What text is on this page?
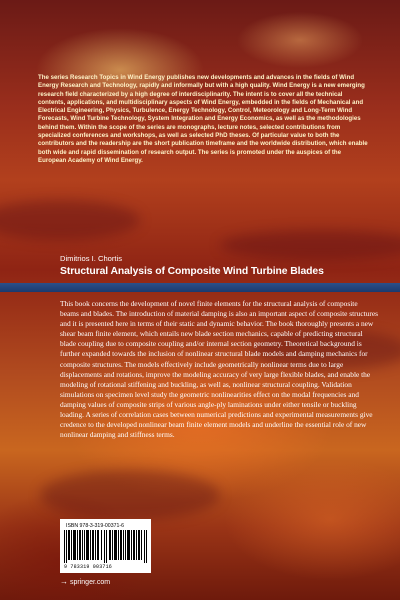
The series Research Topics in Wind Energy publishes new developments and advances in the fields of Wind Energy Research and Technology, rapidly and informally but with a high quality. Wind Energy is a new emerging research field characterized by a high degree of interdisciplinarity. The intent is to cover all the technical contents, applications, and multidisciplinary aspects of Wind Energy, embedded in the fields of Mechanical and Electrical Engineering, Physics, Turbulence, Energy Technology, Control, Meteorology and Long-Term Wind Forecasts, Wind Turbine Technology, System Integration and Energy Economics, as well as the methodologies behind them. Within the scope of the series are monographs, lecture notes, selected contributions from specialized conferences and workshops, as well as selected PhD theses. Of particular value to both the contributors and the readership are the short publication timeframe and the worldwide distribution, which enable both wide and rapid dissemination of research output. The series is promoted under the auspices of the European Academy of Wind Energy.
Dimitrios I. Chortis
Structural Analysis of Composite Wind Turbine Blades
This book concerns the development of novel finite elements for the structural analysis of composite beams and blades. The introduction of material damping is also an important aspect of composite structures and it is presented here in terms of their static and dynamic behavior. The book thoroughly presents a new shear beam finite element, which entails new blade section mechanics, capable of predicting structural blade coupling due to composite coupling and/or internal section geometry. Theoretical background is further expanded towards the inclusion of nonlinear structural blade models and damping mechanics for composite structures. The models effectively include geometrically nonlinear terms due to large displacements and rotations, improve the modeling accuracy of very large flexible blades, and enable the modeling of rotational stiffening and buckling, as well as, nonlinear structural coupling. Validation simulations on specimen level study the geometric nonlinearities effect on the modal frequencies and damping values of composite strips of various angle-ply laminations under either tensile or buckling loading. A series of correlation cases between numerical predictions and experimental measurements give credence to the developed nonlinear beam finite element models and underline the essential role of new nonlinear damping and stiffness terms.
ISBN 978-3-319-00371-6
9 783319 003716
→ springer.com
